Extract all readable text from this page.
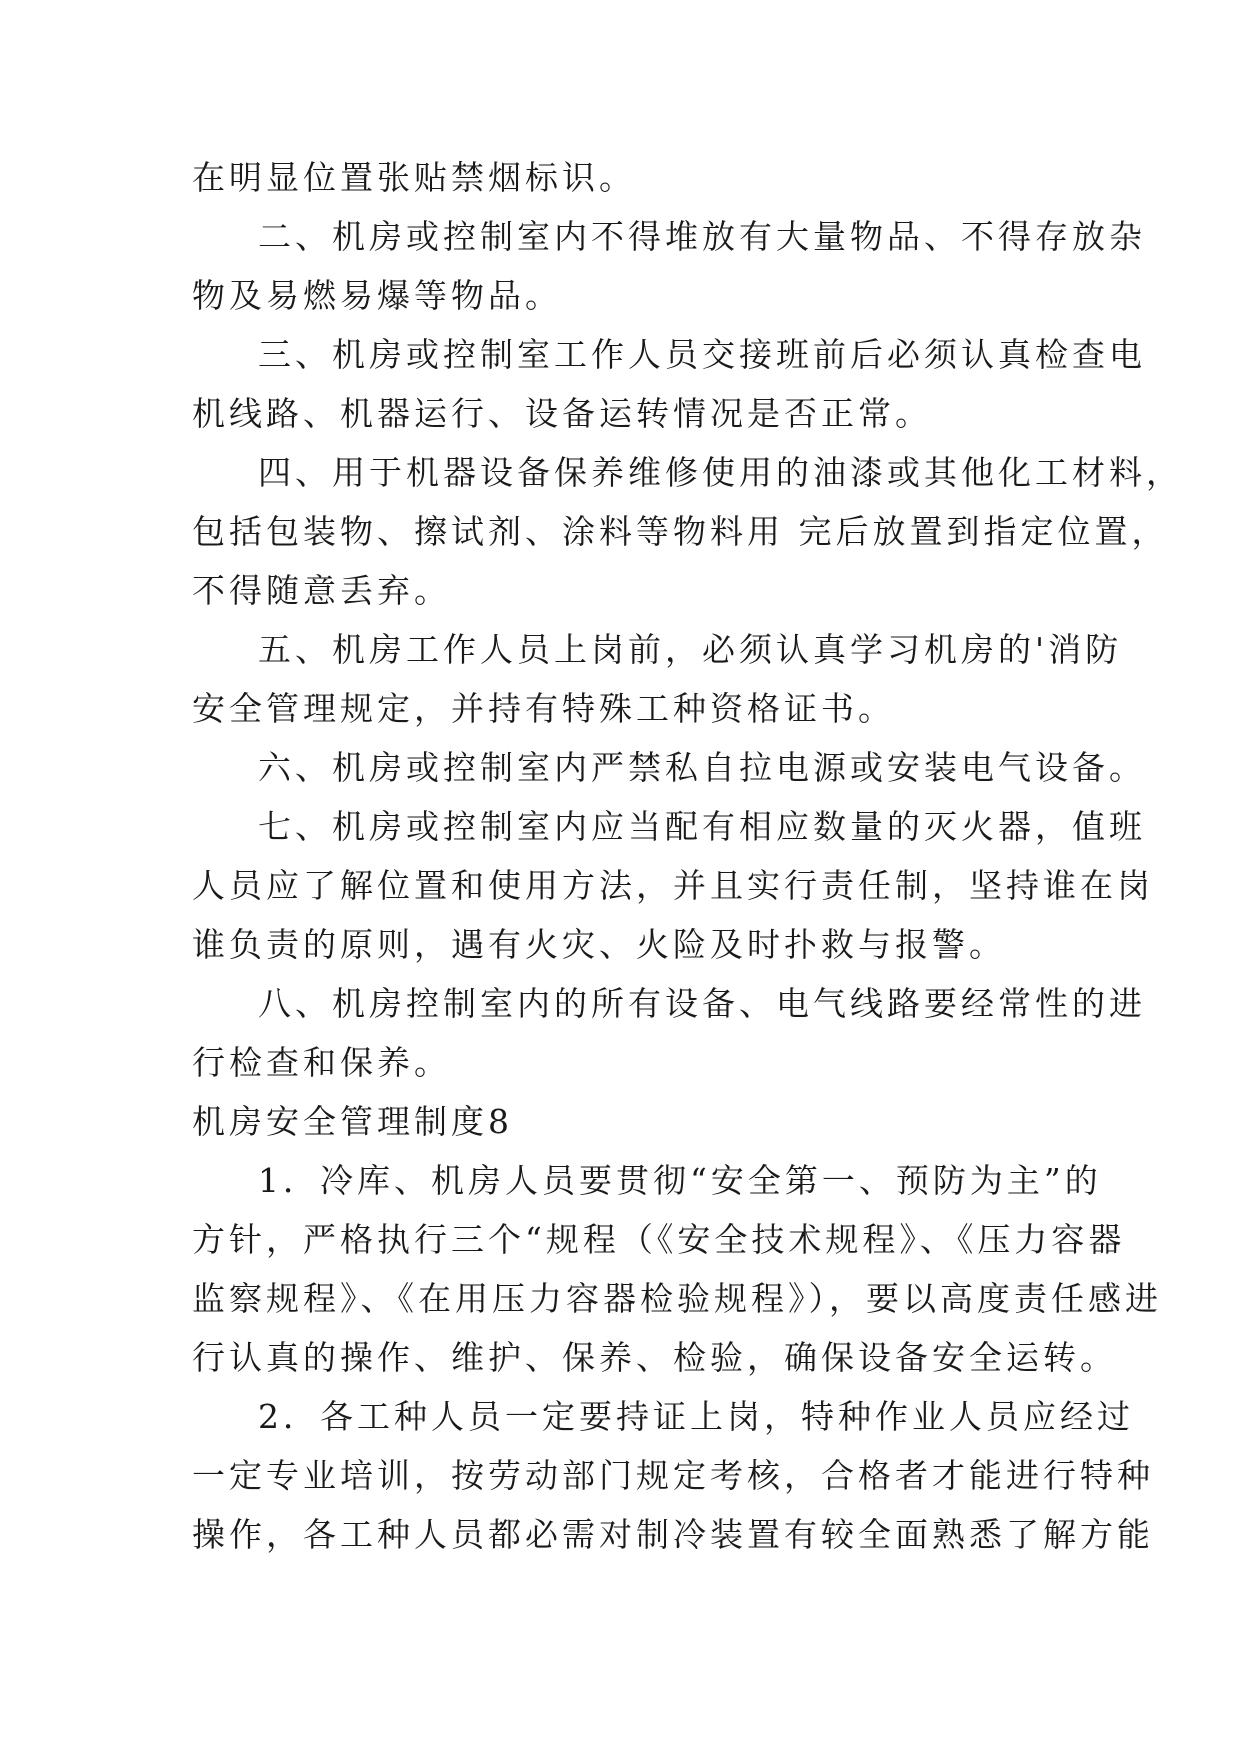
在明显位置张贴禁烟标识。
二、机房或控制室内不得堆放有大量物品、不得存放杂
物及易燃易爆等物品。
三、机房或控制室工作人员交接班前后必须认真检查电
机线路、机器运行、设备运转情况是否正常。
四、用于机器设备保养维修使用的油漆或其他化工材料，
包括包装物、擦试剂、涂料等物料用 完后放置到指定位置，
不得随意丢弃。
五、机房工作人员上岗前，必须认真学习机房的'消防
安全管理规定，并持有特殊工种资格证书。
六、机房或控制室内严禁私自拉电源或安装电气设备。
七、机房或控制室内应当配有相应数量的灭火器，值班
人员应了解位置和使用方法，并且实行责任制，坚持谁在岗
谁负责的原则，遇有火灾、火险及时扑救与报警。
八、机房控制室内的所有设备、电气线路要经常性的进
行检查和保养。
机房安全管理制度8
1．冷库、机房人员要贯彻“安全第一、预防为主”的
方针，严格执行三个“规程（《安全技术规程》、《压力容器
监察规程》、《在用压力容器检验规程》），要以高度责任感进
行认真的操作、维护、保养、检验，确保设备安全运转。
2．各工种人员一定要持证上岗，特种作业人员应经过
一定专业培训，按劳动部门规定考核，合格者才能进行特种
操作，各工种人员都必需对制冷装置有较全面熟悉了解方能
